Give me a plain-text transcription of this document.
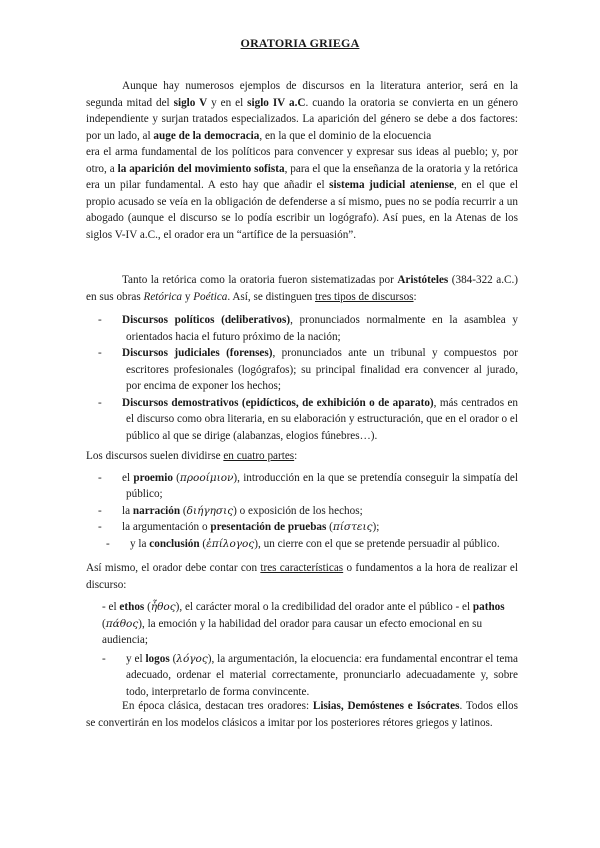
ORATORIA GRIEGA

Aunque hay numerosos ejemplos de discursos en la literatura anterior, será en la segunda mitad del siglo V y en el siglo IV a.C. cuando la oratoria se convierta en un género independiente y surjan tratados especializados. La aparición del género se debe a dos factores: por un lado, al auge de la democracia, en la que el dominio de la elocuencia

era el arma fundamental de los políticos para convencer y expresar sus ideas al pueblo; y, por otro, a la aparición del movimiento sofista, para el que la enseñanza de la oratoria y la retórica era un pilar fundamental. A esto hay que añadir el sistema judicial ateniense, en el que el propio acusado se veía en la obligación de defenderse a sí mismo, pues no se podía recurrir a un abogado (aunque el discurso se lo podía escribir un logógrafo). Así pues, en la Atenas de los siglos V-IV a.C., el orador era un “artífice de la persuasión”.

Tanto la retórica como la oratoria fueron sistematizadas por Aristóteles (384-322 a.C.) en sus obras Retórica y Poética. Así, se distinguen tres tipos de discursos:

- Discursos políticos (deliberativos), pronunciados normalmente en la asamblea y orientados hacia el futuro próximo de la nación;
- Discursos judiciales (forenses), pronunciados ante un tribunal y compuestos por escritores profesionales (logógrafos); su principal finalidad era convencer al jurado, por encima de exponer los hechos;
- Discursos demostrativos (epidícticos, de exhibición o de aparato), más centrados en el discurso como obra literaria, en su elaboración y estructuración, que en el orador o el público al que se dirige (alabanzas, elogios fúnebres…).

Los discursos suelen dividirse en cuatro partes:

- el proemio (προοίμιον), introducción en la que se pretendía conseguir la simpatía del público;
- la narración (διήγησις) o exposición de los hechos;
- la argumentación o presentación de pruebas (πίστεις);
- y la conclusión (ἐπίλογος), un cierre con el que se pretende persuadir al público.

Así mismo, el orador debe contar con tres características o fundamentos a la hora de realizar el discurso:

- el ethos (ἦθος), el carácter moral o la credibilidad del orador ante el público - el pathos (πάθος), la emoción y la habilidad del orador para causar un efecto emocional en su audiencia;

- y el logos (λόγος), la argumentación, la elocuencia: era fundamental encontrar el tema adecuado, ordenar el material correctamente, pronunciarlo adecuadamente y, sobre todo, interpretarlo de forma convincente.

En época clásica, destacan tres oradores: Lisias, Demóstenes e Isócrates. Todos ellos se convertirán en los modelos clásicos a imitar por los posteriores rétores griegos y latinos.
